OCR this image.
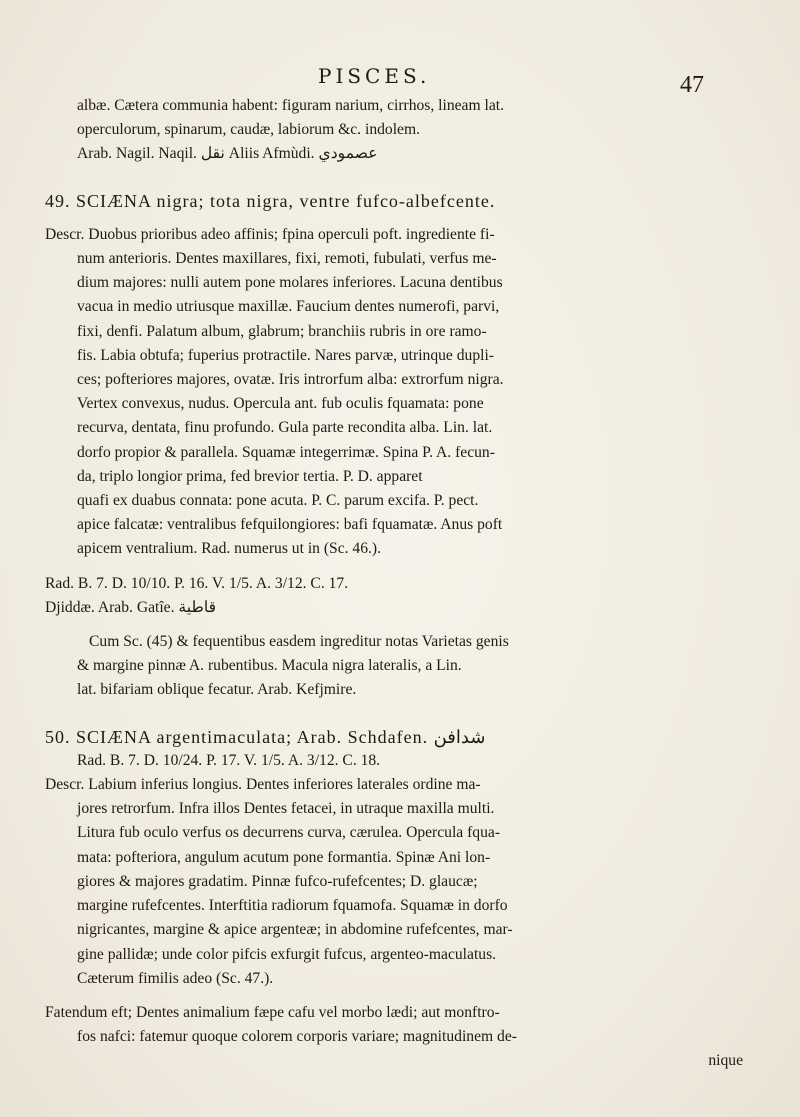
PISCES.	47
albæ. Cætera communia habent: figuram narium, cirrhos, lineam lat.
operculorum, spinarum, caudæ, labiorum &c. indolem.
Arab. Nagil. Naqil. نقل Aliis Afmùdi. عصمودي
49. SCIÆNA nigra; tota nigra, ventre fufco-albefcente.
Descr. Duobus prioribus adeo affinis; fpina operculi poft. ingrediente fi-
num anterioris. Dentes maxillares, fixi, remoti, fubulati, verfus me-
dium majores: nulli autem pone molares inferiores. Lacuna dentibus
vacua in medio utriusque maxillæ. Faucium dentes numerofi, parvi,
fixi, denfi. Palatum album, glabrum; branchiis rubris in ore ramo-
fis. Labia obtufa; fuperius protractile. Nares parvæ, utrinque dupli-
ces; pofteriores majores, ovatæ. Iris introrfum alba: extrorfum nigra.
Vertex convexus, nudus. Opercula ant. fub oculis fquamata: pone
recurva, dentata, finu profundo. Gula parte recondita alba. Lin. lat.
dorfo propior & parallela. Squamæ integerrimæ. Spina P. A. fecun-
da, triplo longior prima, fed brevior tertia. P. D. apparet
quafi ex duabus connata: pone acuta. P. C. parum excifa. P. pect.
apice falcatæ: ventralibus fefquilongiores: bafi fquamatæ. Anus poft
apicem ventralium. Rad. numerus ut in (Sc. 46.).
Rad. B. 7. D. 10/10. P. 16. V. 1/5. A. 3/12. C. 17.
Djiddæ. Arab. Gatîe. قاطية
Cum Sc. (45) & fequentibus easdem ingreditur notas Varietas genis
& margine pinnæ A. rubentibus. Macula nigra lateralis, a Lin.
lat. bifariam oblique fecatur. Arab. Kefjmire.
50. SCIÆNA argentimaculata; Arab. Schdafen. شدافن
Rad. B. 7. D. 10/24. P. 17. V. 1/5. A. 3/12. C. 18.
Descr. Labium inferius longius. Dentes inferiores laterales ordine ma-
jores retrorfum. Infra illos Dentes fetacei, in utraque maxilla multi.
Litura fub oculo verfus os decurrens curva, cærulea. Opercula fqua-
mata: pofteriora, angulum acutum pone formantia. Spinæ Ani lon-
giores & majores gradatim. Pinnæ fufco-rufefcentes; D. glaucæ;
margine rufefcentes. Interftitia radiorum fquamofa. Squamæ in dorfo
nigricantes, margine & apice argenteæ; in abdomine rufefcentes, mar-
gine pallidæ; unde color pifcis exfurgit fufcus, argenteo-maculatus.
Cæterum fimilis adeo (Sc. 47.).
Fatendum eft; Dentes animalium fæpe cafu vel morbo lædi; aut monftro-
fos nafci: fatemur quoque colorem corporis variare; magnitudinem de-
nique
